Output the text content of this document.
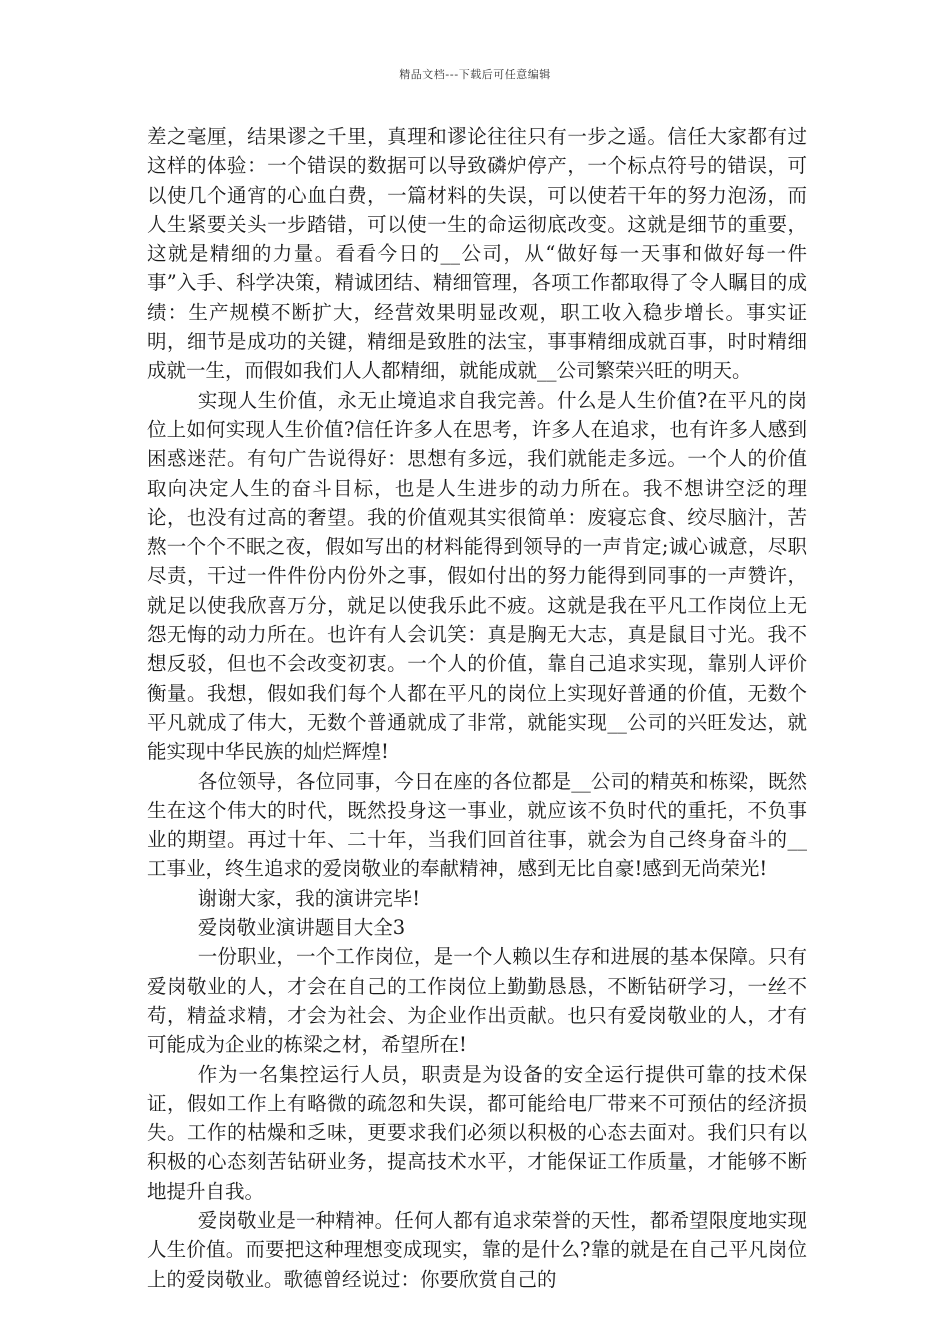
精品文档---下载后可任意编辑

差之毫厘，结果谬之千里，真理和谬论往往只有一步之遥。信任大家都有过这样的体验：一个错误的数据可以导致磷炉停产，一个标点符号的错误，可以使几个通宵的心血白费，一篇材料的失误，可以使若干年的努力泡汤，而人生紧要关头一步踏错，可以使一生的命运彻底改变。这就是细节的重要，这就是精细的力量。看看今日的__公司，从“做好每一天事和做好每一件事”入手、科学决策，精诚团结、精细管理，各项工作都取得了令人瞩目的成绩：生产规模不断扩大，经营效果明显改观，职工收入稳步增长。事实证明，细节是成功的关键，精细是致胜的法宝，事事精细成就百事，时时精细成就一生，而假如我们人人都精细，就能成就__公司繁荣兴旺的明天。

实现人生价值，永无止境追求自我完善。什么是人生价值?在平凡的岗位上如何实现人生价值?信任许多人在思考，许多人在追求，也有许多人感到困惑迷茫。有句广告说得好：思想有多远，我们就能走多远。一个人的价值取向决定人生的奋斗目标，也是人生进步的动力所在。我不想讲空泛的理论，也没有过高的奢望。我的价值观其实很简单：废寝忘食、绞尽脑汁，苦熬一个个不眠之夜，假如写出的材料能得到领导的一声肯定;诚心诚意，尽职尽责，干过一件件份内份外之事，假如付出的努力能得到同事的一声赞许，就足以使我欣喜万分，就足以使我乐此不疲。这就是我在平凡工作岗位上无怨无悔的动力所在。也许有人会讥笑：真是胸无大志，真是鼠目寸光。我不想反驳，但也不会改变初衷。一个人的价值，靠自己追求实现，靠别人评价衡量。我想，假如我们每个人都在平凡的岗位上实现好普通的价值，无数个平凡就成了伟大，无数个普通就成了非常，就能实现__公司的兴旺发达，就能实现中华民族的灿烂辉煌!

各位领导，各位同事，今日在座的各位都是__公司的精英和栋梁，既然生在这个伟大的时代，既然投身这一事业，就应该不负时代的重托，不负事业的期望。再过十年、二十年，当我们回首往事，就会为自己终身奋斗的__工事业，终生追求的爱岗敬业的奉献精神，感到无比自豪!感到无尚荣光!

谢谢大家，我的演讲完毕!

爱岗敬业演讲题目大全3

一份职业，一个工作岗位，是一个人赖以生存和进展的基本保障。只有爱岗敬业的人，才会在自己的工作岗位上勤勤恳恳，不断钻研学习，一丝不苟，精益求精，才会为社会、为企业作出贡献。也只有爱岗敬业的人，才有可能成为企业的栋梁之材，希望所在!

作为一名集控运行人员，职责是为设备的安全运行提供可靠的技术保证，假如工作上有略微的疏忽和失误，都可能给电厂带来不可预估的经济损失。工作的枯燥和乏味，更要求我们必须以积极的心态去面对。我们只有以积极的心态刻苦钻研业务，提高技术水平，才能保证工作质量，才能够不断地提升自我。

爱岗敬业是一种精神。任何人都有追求荣誉的天性，都希望限度地实现人生价值。而要把这种理想变成现实，靠的是什么?靠的就是在自己平凡岗位上的爱岗敬业。歌德曾经说过：你要欣赏自己的
